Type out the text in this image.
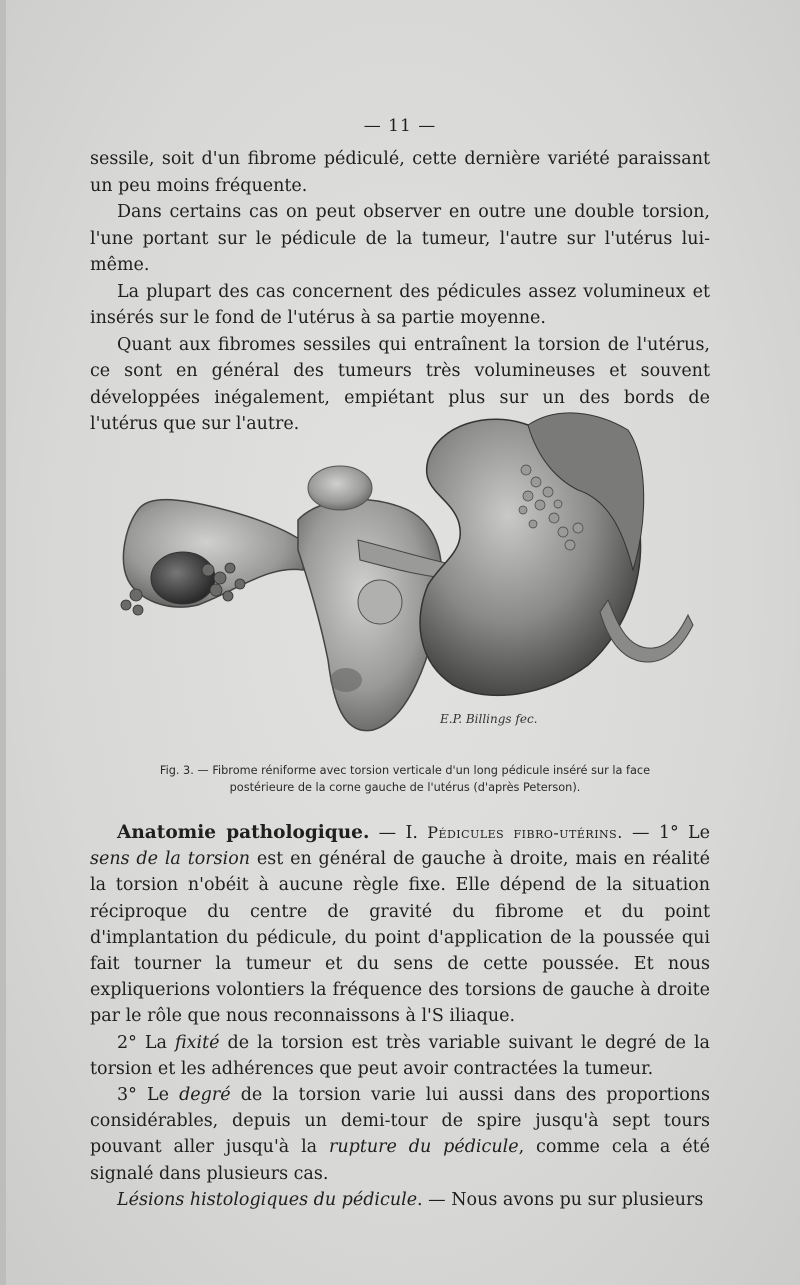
— 11 —

sessile, soit d'un fibrome pédiculé, cette dernière variété paraissant un peu moins fréquente.

Dans certains cas on peut observer en outre une double torsion, l'une portant sur le pédicule de la tumeur, l'autre sur l'utérus lui-même.

La plupart des cas concernent des pédicules assez volumineux et insérés sur le fond de l'utérus à sa partie moyenne.

Quant aux fibromes sessiles qui entraînent la torsion de l'utérus, ce sont en général des tumeurs très volumineuses et souvent développées inégalement, empiétant plus sur un des bords de l'utérus que sur l'autre.

E.P. Billings fec.
Fig. 3. — Fibrome réniforme avec torsion verticale d'un long pédicule inséré sur la face
postérieure de la corne gauche de l'utérus (d'après Peterson).

Anatomie pathologique. — I. Pédicules fibro-utérins. — 1° Le sens de la torsion est en général de gauche à droite, mais en réalité la torsion n'obéit à aucune règle fixe. Elle dépend de la situation réciproque du centre de gravité du fibrome et du point d'implantation du pédicule, du point d'application de la poussée qui fait tourner la tumeur et du sens de cette poussée. Et nous expliquerions volontiers la fréquence des torsions de gauche à droite par le rôle que nous reconnaissons à l'S iliaque.

2° La fixité de la torsion est très variable suivant le degré de la torsion et les adhérences que peut avoir contractées la tumeur.

3° Le degré de la torsion varie lui aussi dans des proportions considérables, depuis un demi-tour de spire jusqu'à sept tours pouvant aller jusqu'à la rupture du pédicule, comme cela a été signalé dans plusieurs cas.

Lésions histologiques du pédicule. — Nous avons pu sur plusieurs
